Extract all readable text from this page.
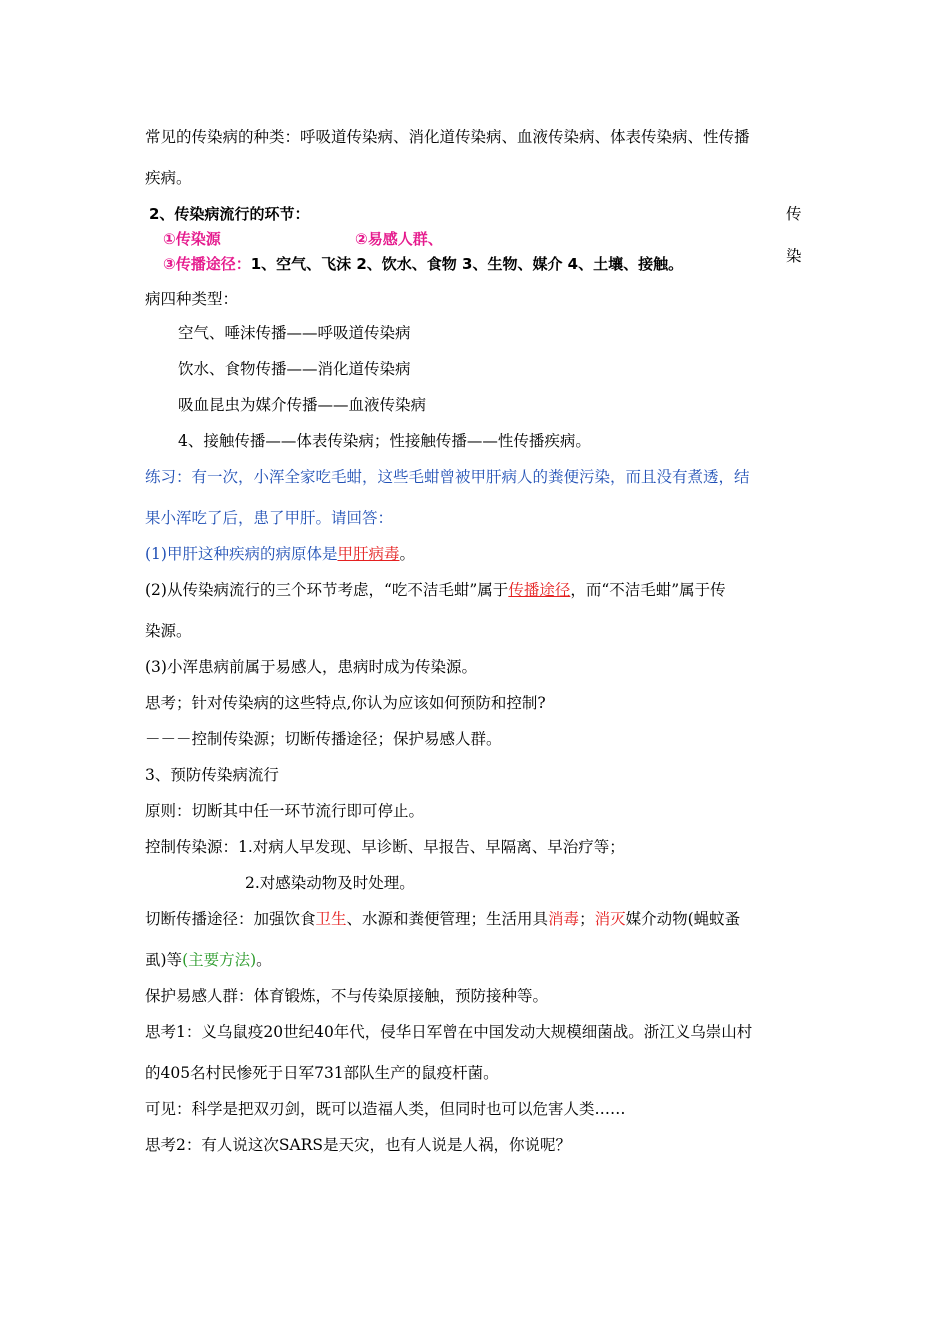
常见的传染病的种类：呼吸道传染病、消化道传染病、血液传染病、体表传染病、性传播
疾病。
2、传染病流行的环节：	传
染
①传染源	②易感人群、
③传播途径：1、空气、飞沫 2、饮水、食物 3、生物、媒介 4、土壤、接触。
病四种类型：
空气、唾沫传播——呼吸道传染病
饮水、食物传播——消化道传染病
吸血昆虫为媒介传播——血液传染病
4、接触传播——体表传染病；性接触传播——性传播疾病。
练习：有一次，小浑全家吃毛蚶，这些毛蚶曾被甲肝病人的粪便污染，而且没有煮透，结
果小浑吃了后，患了甲肝。请回答：
(1)甲肝这种疾病的病原体是甲肝病毒。
(2)从传染病流行的三个环节考虑，“吃不洁毛蚶”属于传播途径，而“不洁毛蚶”属于传
染源。
(3)小浑患病前属于易感人，患病时成为传染源。
思考；针对传染病的这些特点,你认为应该如何预防和控制?
－－－控制传染源；切断传播途径；保护易感人群。
3、预防传染病流行
原则：切断其中任一环节流行即可停止。
控制传染源：1.对病人早发现、早诊断、早报告、早隔离、早治疗等；
2.对感染动物及时处理。
切断传播途径：加强饮食卫生、水源和粪便管理；生活用具消毒；消灭媒介动物(蝇蚊蚤
虱)等(主要方法)。
保护易感人群：体育锻炼，不与传染原接触，预防接种等。
思考1：义乌鼠疫20世纪40年代，侵华日军曾在中国发动大规模细菌战。浙江义乌崇山村
的405名村民惨死于日军731部队生产的鼠疫杆菌。
可见：科学是把双刃剑，既可以造福人类，但同时也可以危害人类……
思考2：有人说这次SARS是天灾，也有人说是人祸，你说呢？
